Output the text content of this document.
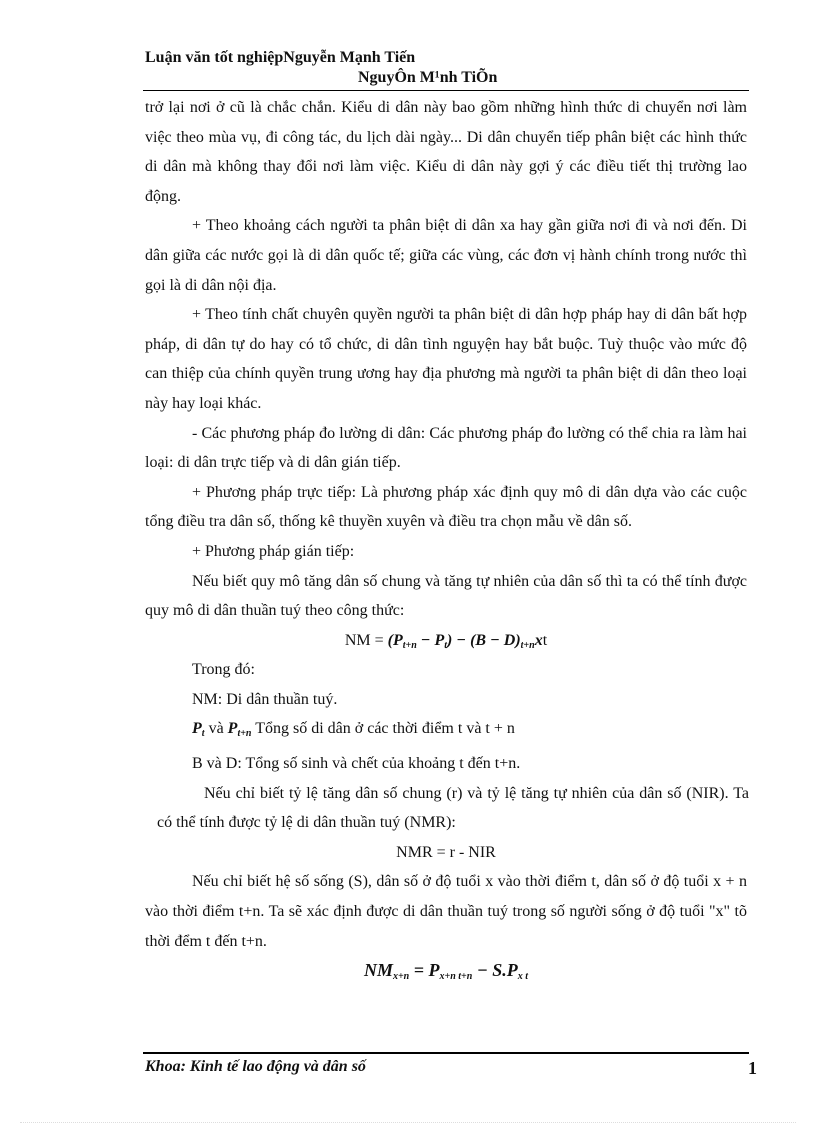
Luận văn tốt nghiệpNguyễn Mạnh Tiến
NguyÔn M¹nh TiÕn

trở lại nơi ở cũ là chắc chắn. Kiểu di dân này bao gồm những hình thức di chuyển nơi làm việc theo mùa vụ, đi công tác, du lịch dài ngày... Di dân chuyển tiếp phân biệt các hình thức di dân mà không thay đổi nơi làm việc. Kiểu di dân này gợi ý các điều tiết thị trường lao động.

+ Theo khoảng cách người ta phân biệt di dân xa hay gần giữa nơi đi và nơi đến. Di dân giữa các nước gọi là di dân quốc tế; giữa các vùng, các đơn vị hành chính trong nước thì gọi là di dân nội địa.

+ Theo tính chất chuyên quyền người ta phân biệt di dân hợp pháp hay di dân bất hợp pháp, di dân tự do hay có tổ chức, di dân tình nguyện hay bắt buộc. Tuỳ thuộc vào mức độ can thiệp của chính quyền trung ương hay địa phương mà người ta phân biệt di dân theo loại này hay loại khác.

- Các phương pháp đo lường di dân: Các phương pháp đo lường có thể chia ra làm hai loại: di dân trực tiếp và di dân gián tiếp.

+ Phương pháp trực tiếp: Là phương pháp xác định quy mô di dân dựa vào các cuộc tổng điều tra dân số, thống kê thuyền xuyên và điều tra chọn mẫu về dân số.

+ Phương pháp gián tiếp:

Nếu biết quy mô tăng dân số chung và tăng tự nhiên của dân số thì ta có thể tính được quy mô di dân thuần tuý theo công thức:

NM = $(P_{t+n} - P_t) - (B - D)_{t+n}xt$

Trong đó:

NM: Di dân thuần tuý.

$P_t$ và $P_{t+n}$ Tổng số di dân ở các thời điểm t và t + n

B và D: Tổng số sinh và chết của khoảng t đến t+n.

Nếu chỉ biết tỷ lệ tăng dân số chung (r) và tỷ lệ tăng tự nhiên của dân số (NIR). Ta có thể tính được tỷ lệ di dân thuần tuý (NMR):

NMR = r - NIR

Nếu chỉ biết hệ số sống (S), dân số ở độ tuổi x vào thời điểm t, dân số ở độ tuổi x + n vào thời điểm t+n. Ta sẽ xác định được di dân thuần tuý trong số người sống ở độ tuổi "x" tõ thời đểm t đến t+n.

$NM_{x+n} = P_{x+n t+n} - S.P_{x t}$
Khoa: Kinh tế lao động và dân số	1
